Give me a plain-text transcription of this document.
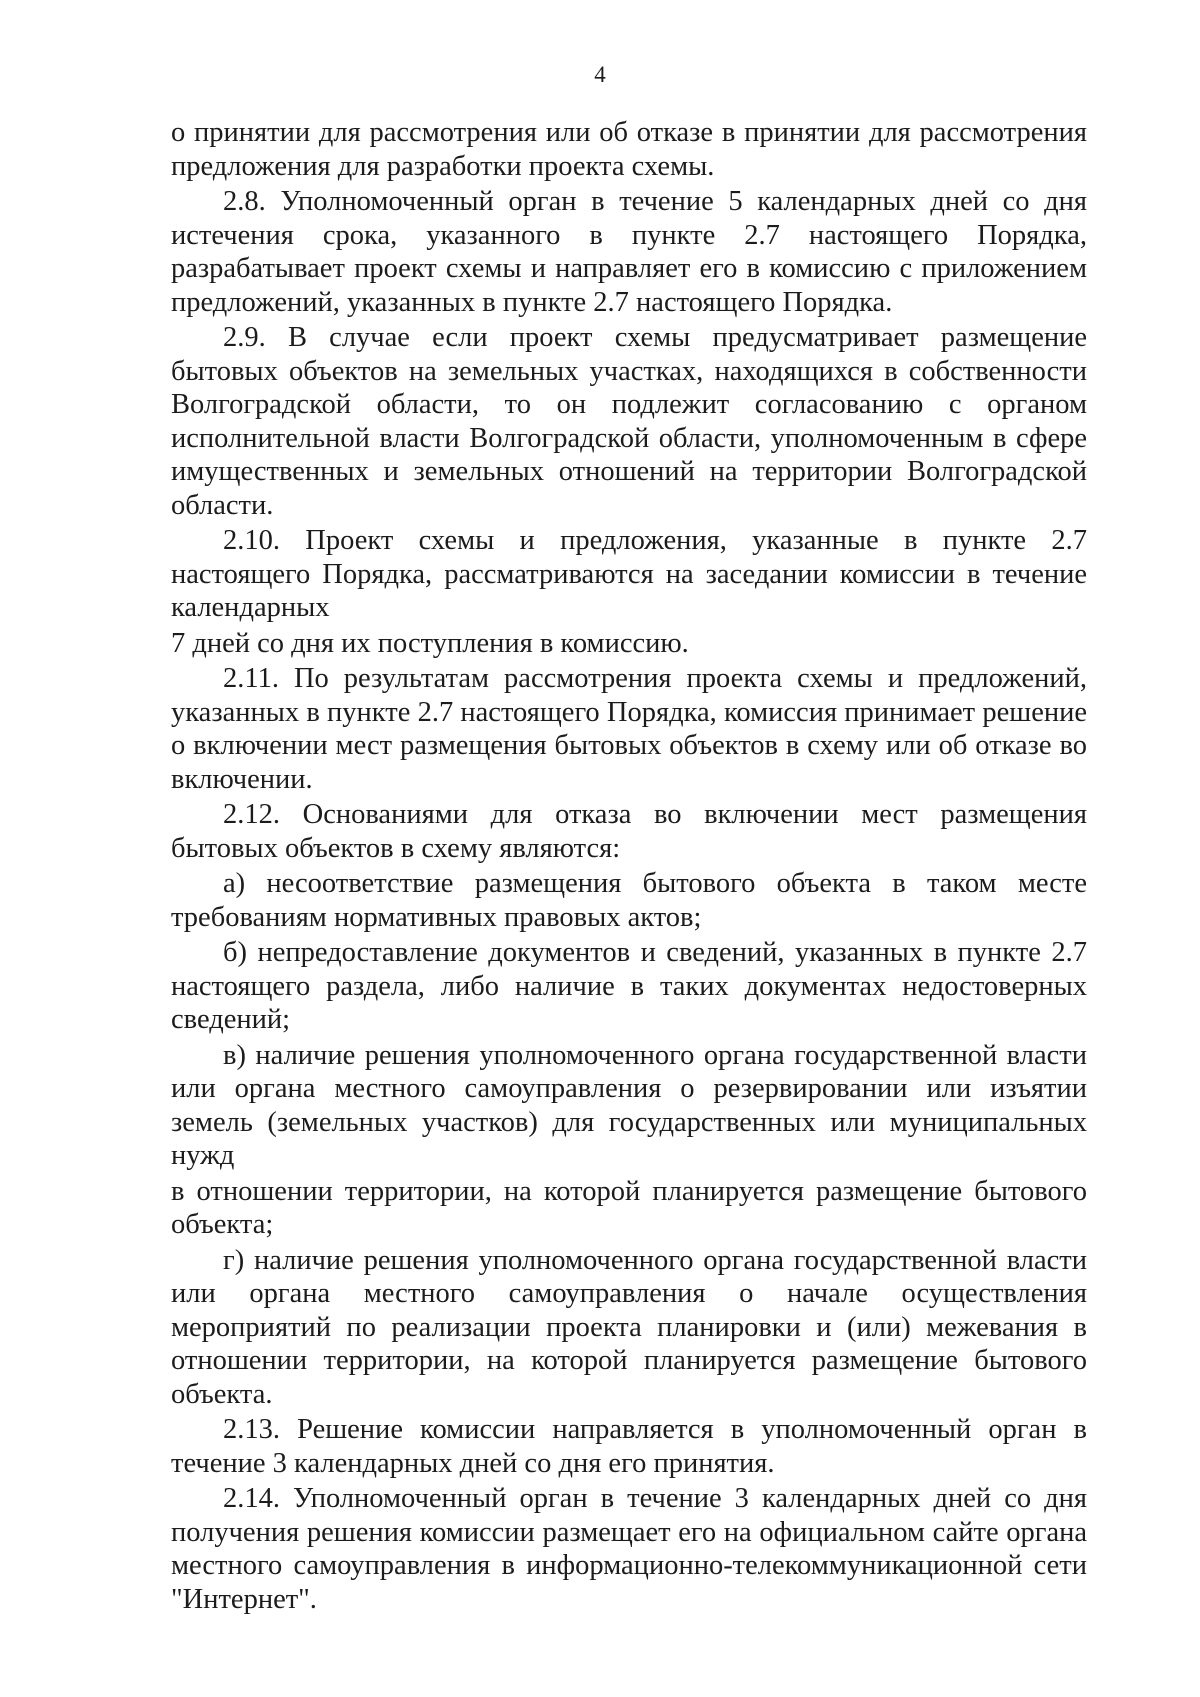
4

о принятии для рассмотрения или об отказе в принятии для рассмотрения предложения для разработки проекта схемы.

2.8. Уполномоченный орган в течение 5 календарных дней со дня истечения срока, указанного в пункте 2.7 настоящего Порядка, разрабатывает проект схемы и направляет его в комиссию с приложением предложений, указанных в пункте 2.7 настоящего Порядка.

2.9. В случае если проект схемы предусматривает размещение бытовых объектов на земельных участках, находящихся в собственности Волгоградской области, то он подлежит согласованию с органом исполнительной власти Волгоградской области, уполномоченным в сфере имущественных и земельных отношений на территории Волгоградской области.

2.10. Проект схемы и предложения, указанные в пункте 2.7 настоящего Порядка, рассматриваются на заседании комиссии в течение календарных

7 дней со дня их поступления в комиссию.

2.11. По результатам рассмотрения проекта схемы и предложений, указанных в пункте 2.7 настоящего Порядка, комиссия принимает решение о включении мест размещения бытовых объектов в схему или об отказе во включении.

2.12. Основаниями для отказа во включении мест размещения бытовых объектов в схему являются:

а) несоответствие размещения бытового объекта в таком месте требованиям нормативных правовых актов;

б) непредоставление документов и сведений, указанных в пункте 2.7 настоящего раздела, либо наличие в таких документах недостоверных сведений;

в) наличие решения уполномоченного органа государственной власти или органа местного самоуправления о резервировании или изъятии земель (земельных участков) для государственных или муниципальных нужд

в отношении территории, на которой планируется размещение бытового объекта;

г) наличие решения уполномоченного органа государственной власти или органа местного самоуправления о начале осуществления мероприятий по реализации проекта планировки и (или) межевания в отношении территории, на которой планируется размещение бытового объекта.

2.13. Решение комиссии направляется в уполномоченный орган в течение 3 календарных дней со дня его принятия.

2.14. Уполномоченный орган в течение 3 календарных дней со дня получения решения комиссии размещает его на официальном сайте органа местного самоуправления в информационно-телекоммуникационной сети "Интернет".
